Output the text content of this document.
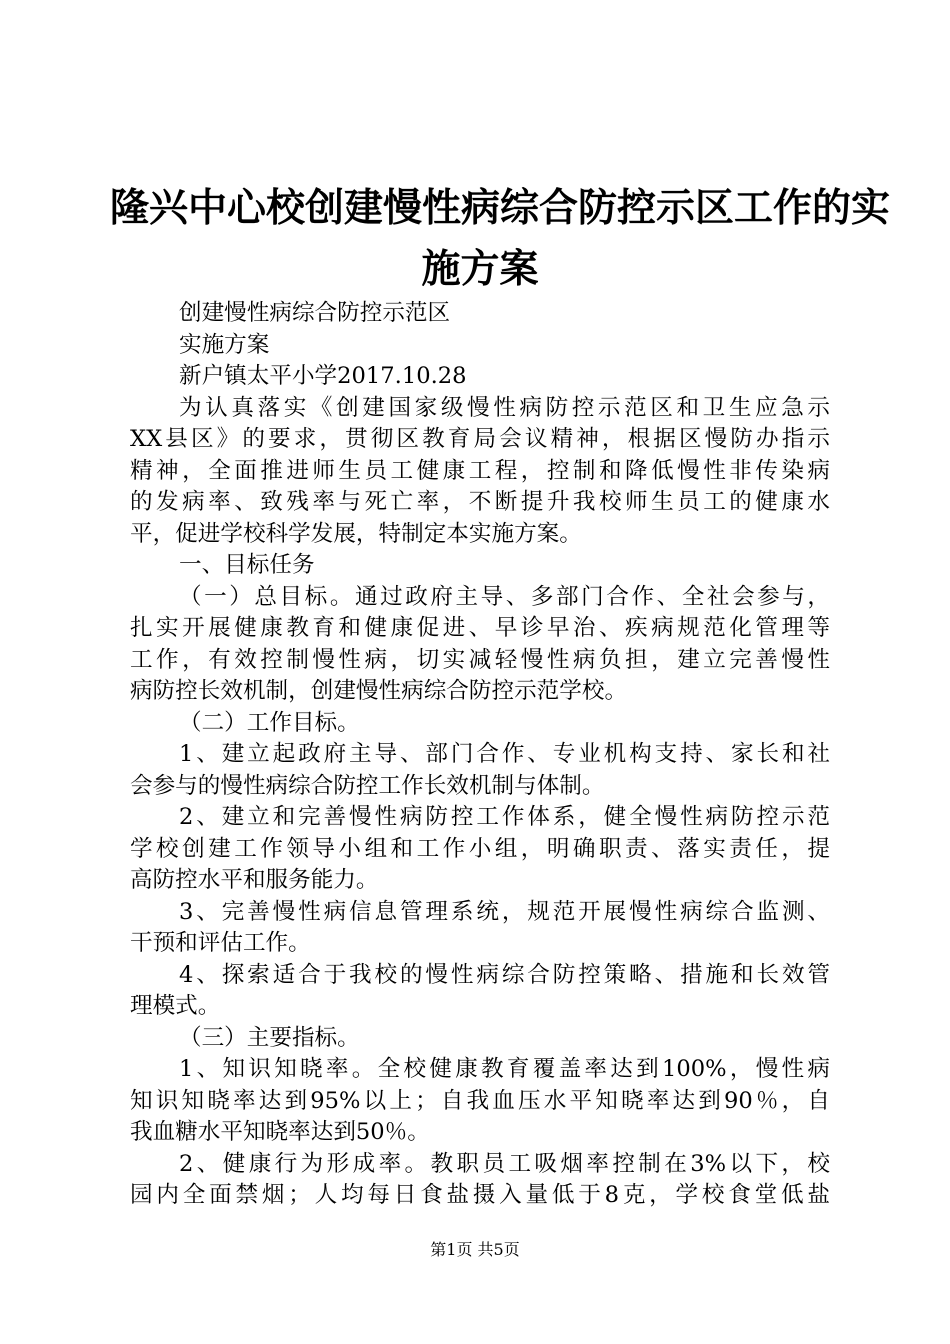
隆兴中心校创建慢性病综合防控示区工作的实
施方案
创建慢性病综合防控示范区
实施方案
新户镇太平小学2017.10.28
为认真落实《创建国家级慢性病防控示范区和卫生应急示
XX县区》的要求，贯彻区教育局会议精神，根据区慢防办指示
精神，全面推进师生员工健康工程，控制和降低慢性非传染病
的发病率、致残率与死亡率，不断提升我校师生员工的健康水
平，促进学校科学发展，特制定本实施方案。
一、目标任务
（一）总目标。通过政府主导、多部门合作、全社会参与，
扎实开展健康教育和健康促进、早诊早治、疾病规范化管理等
工作，有效控制慢性病，切实减轻慢性病负担，建立完善慢性
病防控长效机制，创建慢性病综合防控示范学校。
（二）工作目标。
1、建立起政府主导、部门合作、专业机构支持、家长和社
会参与的慢性病综合防控工作长效机制与体制。
2、建立和完善慢性病防控工作体系，健全慢性病防控示范
学校创建工作领导小组和工作小组，明确职责、落实责任，提
高防控水平和服务能力。
3、完善慢性病信息管理系统，规范开展慢性病综合监测、
干预和评估工作。
4、探索适合于我校的慢性病综合防控策略、措施和长效管
理模式。
（三）主要指标。
1、知识知晓率。全校健康教育覆盖率达到100%，慢性病
知识知晓率达到95%以上；自我血压水平知晓率达到90％，自
我血糖水平知晓率达到50％。
2、健康行为形成率。教职员工吸烟率控制在3%以下，校
园内全面禁烟；人均每日食盐摄入量低于8克，学校食堂低盐
第1页 共5页
